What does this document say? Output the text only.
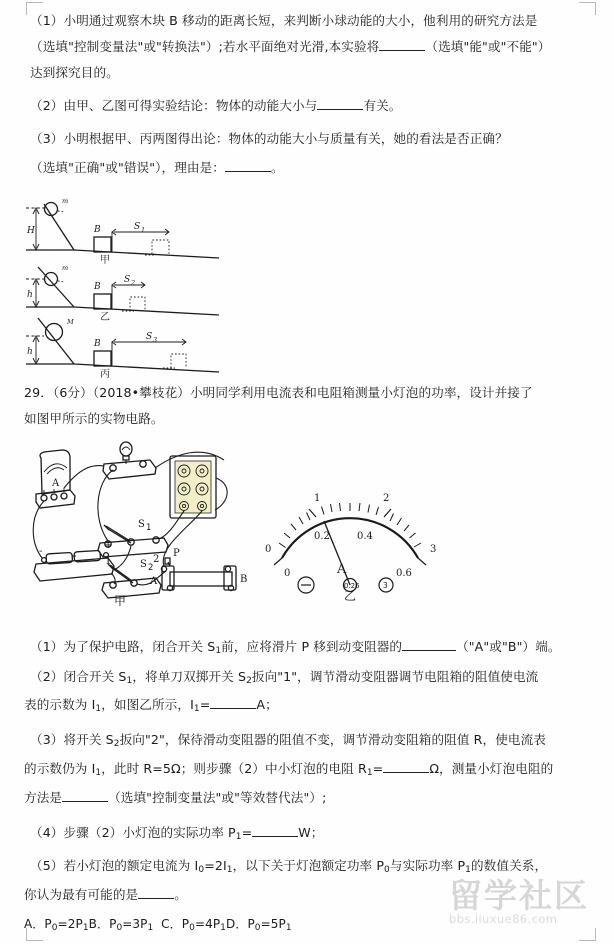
（1）小明通过观察木块 B 移动的距离长短，来判断小球动能的大小，他利用的研究方法是
（选填"控制变量法"或"转换法"）;若水平面绝对光滑,本实验将	（选填"能"或"不能"）
达到探究目的。
（2）由甲、乙图可得实验结论：物体的动能大小与	有关。
（3）小明根据甲、丙两图得出论：物体的动能大小与质量有关，她的看法是否正确？
（选填"正确"或"错误"），理由是：	。
H
m
B	S 1
甲
h
m
B
S 2
乙
h
M
B
S 3
丙
29．（6分）（2018•攀枝花）小明同学利用电流表和电阻箱测量小灯泡的功率，设计并接了
如图甲所示的实物电路。
A
S 1
1	2
S 2
-
+
P
A	B
甲
0
1	2
3
0
0.2	0.4
0.6
0.26
A
3
乙
（1）为了保护电路，闭合开关 $S_1$前，应将滑片 P 移到动变阻器的	（"A"或"B"）端。
（2）闭合开关 $S_1$，将单刀双掷开关 $S_2$扳向"1"，调节滑动变阻器调节电阻箱的阻值使电流
表的示数为 $I_1$，如图乙所示，$I_1=$	A；
（3）将开关 $S_2$扳向"2"，保待滑动变阻器的阻值不变，调节滑动变阻箱的阻值 R，使电流表
的示数仍为 $I_1$，此时 R=5Ω；则步骤（2）中小灯泡的电阻 $R_1=$	Ω，测量小灯泡电阻的
方法是	（选填"控制变量法"或"等效替代法"）;
（4）步骤（2）小灯泡的实际功率 $P_1=$	W；
（5）若小灯泡的额定电流为 $I_0=2I_1$，以下关于灯泡额定功率 $P_0$与实际功率 $P_1$的数值关系，
你认为最有可能的是	。
A．$P_0=2P_1B$．$P_0=3P_1$ C．$P_0=4P_1D$．$P_0=5P_1$
留学社区
bbs.liuxue86.com
